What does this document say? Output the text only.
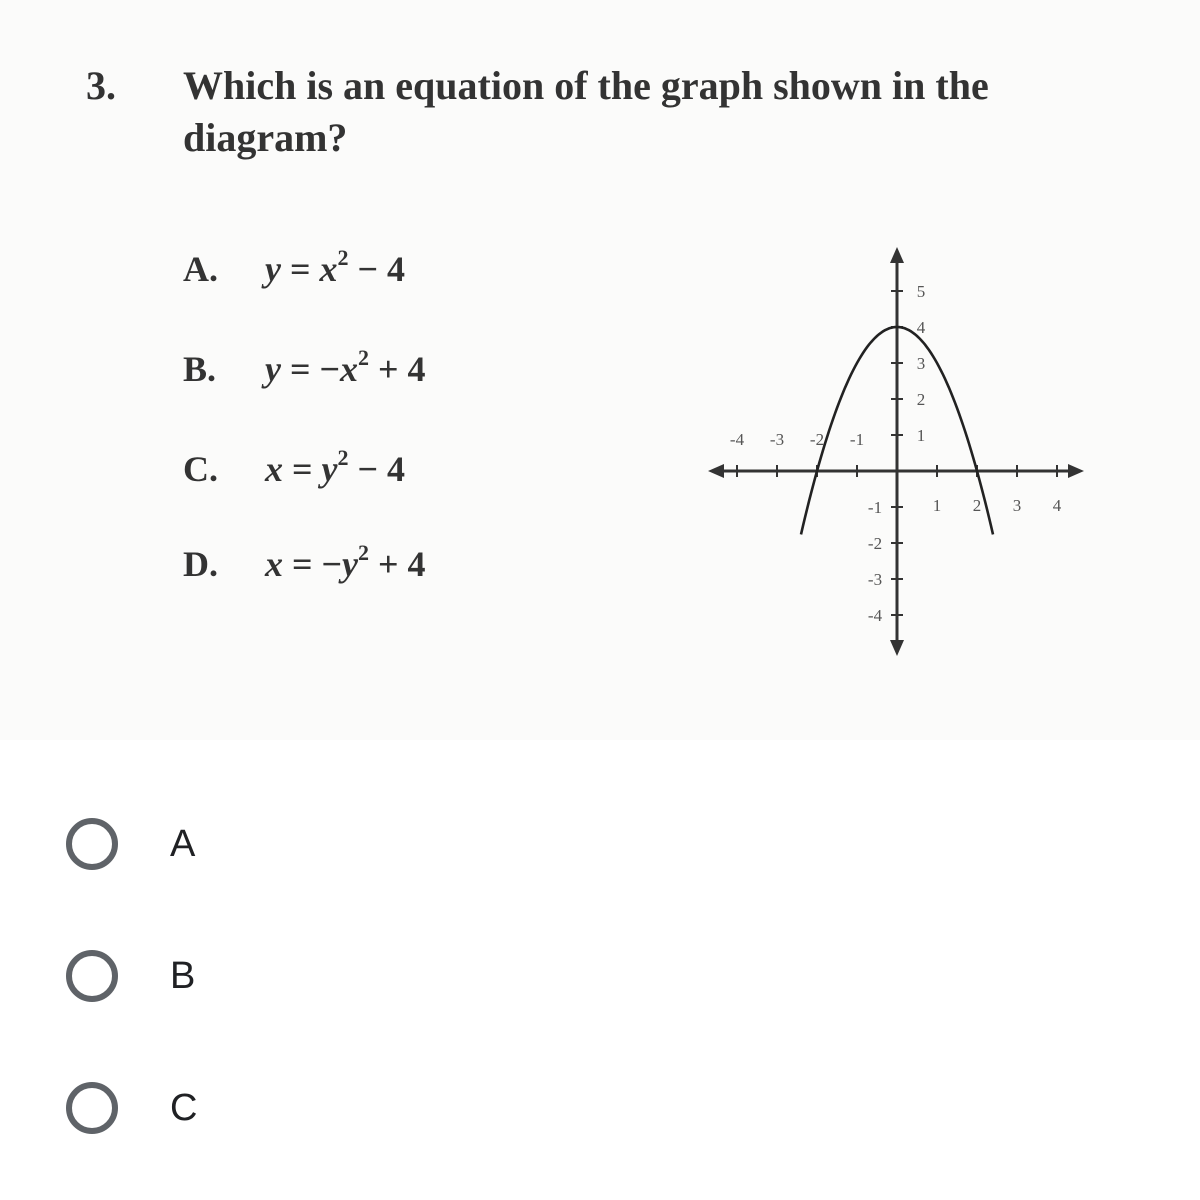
3. Which is an equation of the graph shown in the diagram?
A. $y = x^2 - 4$
B. $y = -x^2 + 4$
C. $x = y^2 - 4$
D. $x = -y^2 + 4$
-4 -3 -2 -1
1 2 3 4
5
4
3
2
1
-1
-2
-3
-4
A
B
C
